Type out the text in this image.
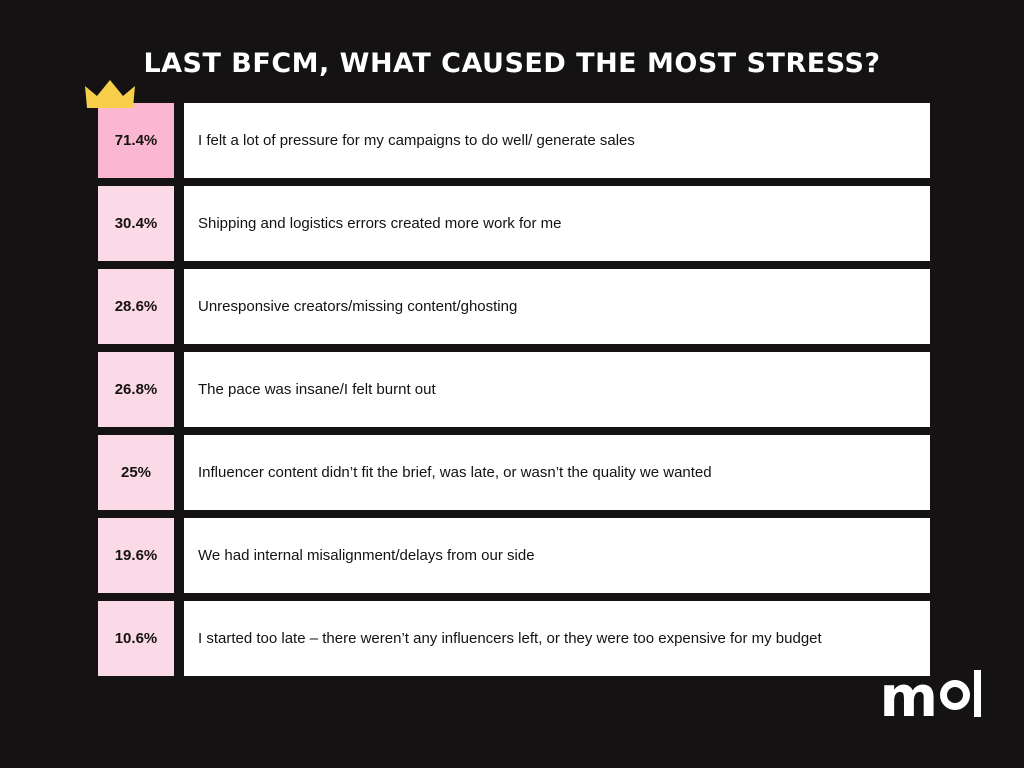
LAST BFCM, WHAT CAUSED THE MOST STRESS?
71.4%	I felt a lot of pressure for my campaigns to do well/ generate sales
30.4%	Shipping and logistics errors created more work for me
28.6%	Unresponsive creators/missing content/ghosting
26.8%	The pace was insane/I felt burnt out
25%	Influencer content didn’t fit the brief, was late, or wasn’t the quality we wanted
19.6%	We had internal misalignment/delays from our side
10.6%	I started too late – there weren’t any influencers left, or they were too expensive for my budget
m
